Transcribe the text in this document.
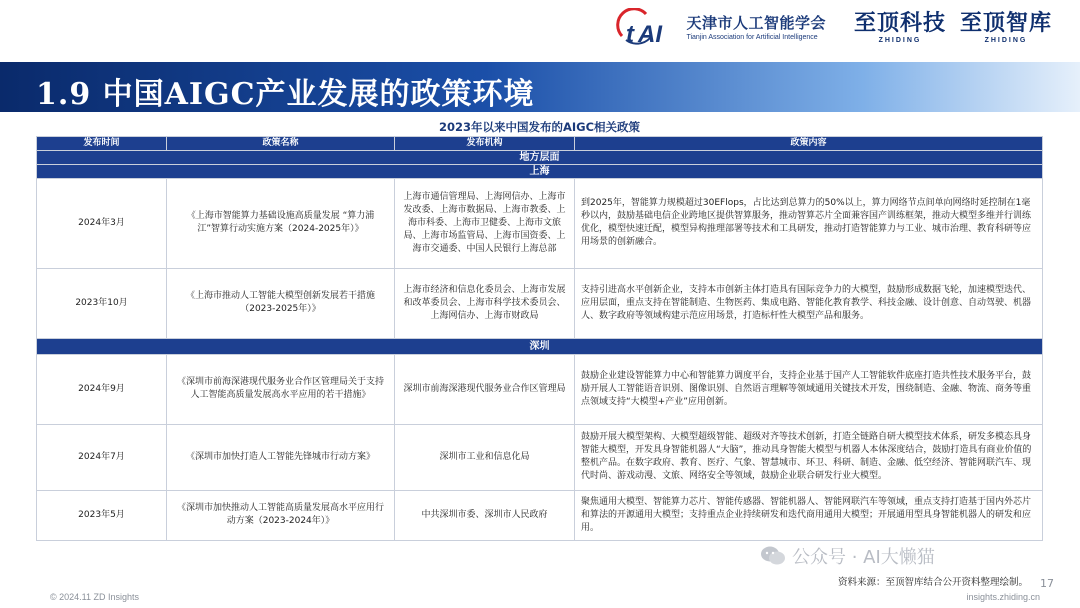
t AI 天津市人工智能学会
Tianjin Association for Artificial Intelligence
至顶科技
ZHIDING
至顶智库
ZHIDING
1.9 中国AIGC产业发展的政策环境
2023年以来中国发布的AIGC相关政策			
发布时间	政策名称	发布机构	政策内容
地方层面			
上海			
2024年3月	《上海市智能算力基础设施高质量发展 “算力浦江”智算行动实施方案（2024-2025年）》	上海市通信管理局、上海网信办、上海市发改委、上海市数据局、上海市教委、上海市科委、上海市卫健委、上海市文旅局、上海市场监管局、上海市国资委、上海市交通委、中国人民银行上海总部	到2025年，智能算力规模超过30EFlops，占比达到总算力的50%以上，算力网络节点间单向网络时延控制在1毫秒以内，鼓励基础电信企业跨地区提供智算服务，推动智算芯片全面兼容国产训练框架，推动大模型多维并行训练优化，模型快速迁配，模型异构推理部署等技术和工具研发，推动打造智能算力与工业、城市治理、教育科研等应用场景的创新融合。
2023年10月	《上海市推动人工智能大模型创新发展若干措施（2023-2025年）》	上海市经济和信息化委员会、上海市发展和改革委员会、上海市科学技术委员会、上海网信办、上海市财政局	支持引进高水平创新企业，支持本市创新主体打造具有国际竞争力的大模型，鼓励形成数据飞轮，加速模型迭代、应用层面，重点支持在智能制造、生物医药、集成电路、智能化教育教学、科技金融、设计创意、自动驾驶、机器人、数字政府等领域构建示范应用场景，打造标杆性大模型产品和服务。
深圳			
2024年9月	《深圳市前海深港现代服务业合作区管理局关于支持人工智能高质量发展高水平应用的若干措施》	深圳市前海深港现代服务业合作区管理局	鼓励企业建设智能算力中心和智能算力调度平台，支持企业基于国产人工智能软件底座打造共性技术服务平台，鼓励开展人工智能语音识别、图像识别、自然语言理解等领域通用关键技术开发，围绕制造、金融、物流、商务等重点领域支持“大模型+产业”应用创新。
2024年7月	《深圳市加快打造人工智能先锋城市行动方案》	深圳市工业和信息化局	鼓励开展大模型架构、大模型超级智能、超级对齐等技术创新，打造全链路自研大模型技术体系，研发多模态具身智能大模型，开发具身智能机器人“大脑”，推动具身智能大模型与机器人本体深度结合，鼓励打造具有商业价值的整机产品。在数字政府、教育、医疗、气象、智慧城市、环卫、科研、制造、金融、低空经济、智能网联汽车、现代时尚、游戏动漫、文旅、网络安全等领域，鼓励企业联合研发行业大模型。
2023年5月	《深圳市加快推动人工智能高质量发展高水平应用行动方案（2023-2024年）》	中共深圳市委、深圳市人民政府	聚焦通用大模型、智能算力芯片、智能传感器、智能机器人、智能网联汽车等领域，重点支持打造基于国内外芯片和算法的开源通用大模型；支持重点企业持续研发和迭代商用通用大模型；开展通用型具身智能机器人的研发和应用。
公众号 · AI大懒猫
资料来源：至顶智库结合公开资料整理绘制。 17
© 2024.11 ZD Insights	insights.zhiding.cn
